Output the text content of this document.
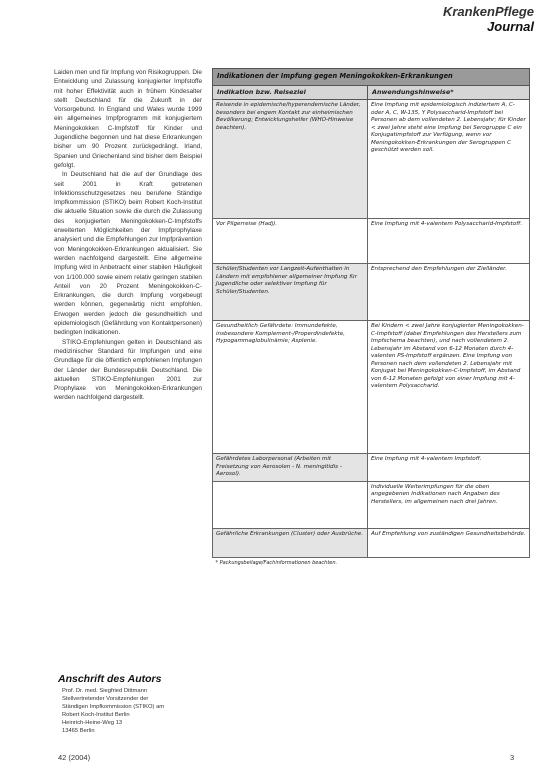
KrankenPflege
Journal

Laiden men und für Impfung von Risikogruppen. Die Entwicklung und Zulassung konjugierter Impfstoffe mit hoher Effektivität auch in frühem Kindesalter stellt Deutschland für die Zukunft in der Vorsorgebund. In England und Wales wurde 1999 ein allgemeines Impfprogramm mit konjugiertem Meningokokken C-Impfstoff für Kinder und Jugendliche begonnen und hat diese Erkrankungen bisher um 90 Prozent zurückgedrängt. Irland, Spanien und Griechenland sind bisher dem Beispiel gefolgt.

In Deutschland hat die auf der Grundlage des seit 2001 in Kraft getretenen Infektionsschutzgesetzes neu berufene Ständige Impfkommission (STIKO) beim Robert Koch-Institut die aktuelle Situation sowie die durch die Zulassung des konjugierten Meningokokken-C-Impfstoffs erweiterten Möglichkeiten der Impfprophylaxe analysiert und die Empfehlungen zur Impfprävention von Meningokokken-Erkrankungen aktualisiert. Sie werden nachfolgend dargestellt. Eine allgemeine Impfung wird in Anbetracht einer stabilen Häufigkeit von 1/100.000 sowie einem relativ geringen stabilen Anteil von 20 Prozent Meningokokken-C-Erkrankungen, die durch Impfung vorgebeugt werden können, gegenwärtig nicht empfohlen. Erwogen werden jedoch die gesundheitlich und epidemiologisch (Gefährdung von Kontaktpersonen) bedingten Indikationen.

STIKO-Empfehlungen gelten in Deutschland als medizinischer Standard für Impfungen und eine Grundlage für die öffentlich empfohlenen Impfungen der Länder der Bundesrepublik Deutschland. Die aktuellen STIKO-Empfehlungen 2001 zur Prophylaxe von Meningokokken-Erkrankungen werden nachfolgend dargestellt.

Anschrift des Autors
Prof. Dr. med. Siegfried Dittmann
Stellvertretender Vorsitzender der
Ständigen Impfkommission (STIKO) am
Robert Koch-Institut Berlin
Heinrich-Heine-Weg 13
13465 Berlin
Indikationen der Impfung gegen Meningokokken-Erkrankungen	
Indikation bzw. Reiseziel	Anwendungshinweise*
Reisende in epidemische/hyperendemische Länder, besonders bei engem Kontakt zur einheimischen Bevölkerung; Entwicklungshelfer (WHO-Hinweise beachten).	Eine Impfung mit epidemiologisch indiziertem A, C- oder A, C, W-135, Y Polysaccharid-Impfstoff bei Personen ab dem vollendeten 2. Lebensjahr; für Kinder < zwei Jahre steht eine Impfung bei Serogruppe C ein Konjugatimpfstoff zur Verfügung, wenn vor Meningokokken-Erkrankungen der Serogruppen C geschützt werden soll.
Vor Pilgerreise (Hadj).	Eine Impfung mit 4-valentem Polysaccharid-Impfstoff.
Schüler/Studenten vor Langzeit-Aufenthalten in Ländern mit empfohlener allgemeiner Impfung für Jugendliche oder selektiver Impfung für Schüler/Studenten.	Entsprechend den Empfehlungen der Zielländer.
Gesundheitlich Gefährdete: Immundefekte, insbesondere Komplement-/Properdindefekte, Hypogammaglobulinämie; Asplenie.	Bei Kindern < zwei Jahre konjugierter Meningokokken-C-Impfstoff (dabei Empfehlungen des Herstellers zum Impfschema beachten), und nach vollendetem 2. Lebensjahr im Abstand von 6-12 Monaten durch 4-valenten PS-Impfstoff ergänzen. Eine Impfung von Personen nach dem vollendeten 2. Lebensjahr mit Konjugat bei Meningokokken-C-Impfstoff, im Abstand von 6-12 Monaten gefolgt von einer Impfung mit 4-valentem Polysaccharid.
Gefährdetes Laborpersonal (Arbeiten mit Freisetzung von Aerosolen - N. meningitidis - Aerosol).	Eine Impfung mit 4-valentem Impfstoff.
	Individuelle Weiterimpfungen für die oben angegebenen Indikationen nach Angaben des Herstellers, im allgemeinen nach drei Jahren.
Gefährliche Erkrankungen (Cluster) oder Ausbrüche.	Auf Empfehlung von zuständigen Gesundheitsbehörde.
* Packungsbeilage/Fachinformationen beachten.	
42 (2004)	3
